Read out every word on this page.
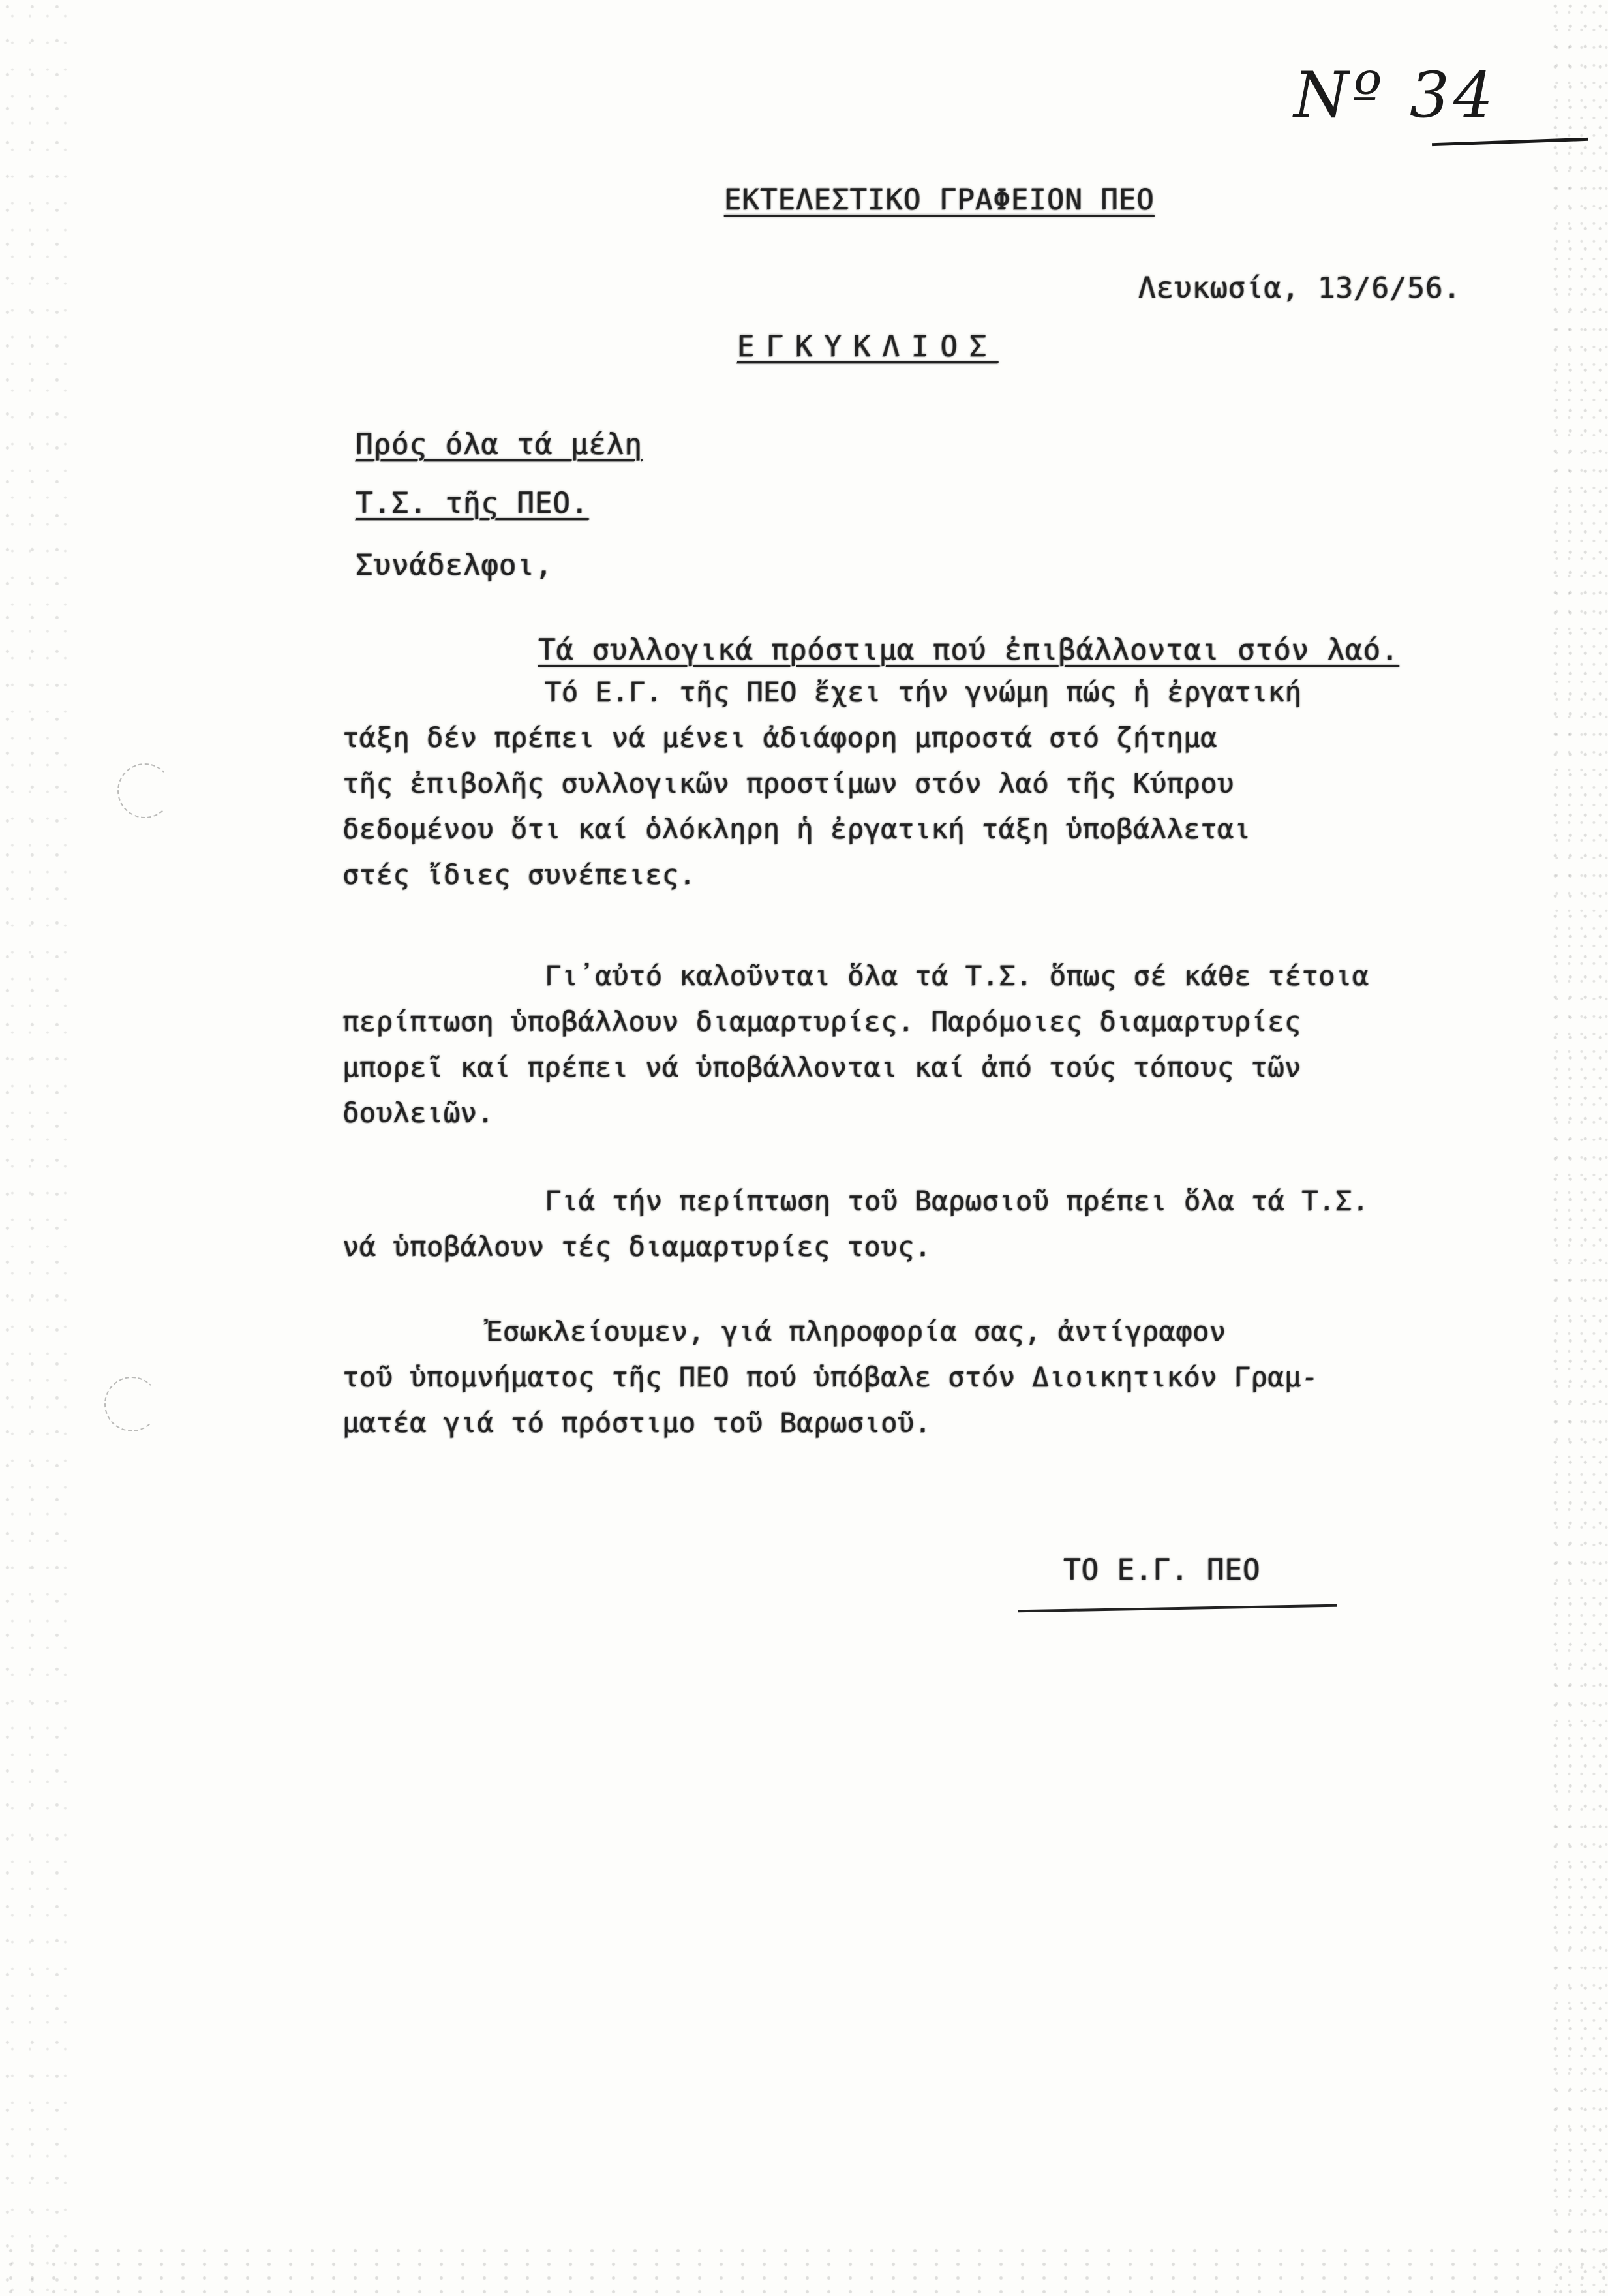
Nº 34
ΕΚΤΕΛΕΣΤΙΚΟ ΓΡΑΦΕΙΟΝ ΠΕΟ
Λευκωσία, 13/6/56.
ΕΓΚΥΚΛΙΟΣ
Πρός όλα τά μέλη
Τ.Σ. τῆς ΠΕΟ.
Συνάδελφοι,
Τά συλλογικά πρόστιμα πού ἐπιβάλλονται στόν λαό.
Τό Ε.Γ. τῆς ΠΕΟ ἔχει τήν γνώμη πώς ἡ ἐργατική
τάξη δέν πρέπει νά μένει ἀδιάφορη μπροστά στό ζήτημα
τῆς ἐπιβολῆς συλλογικῶν προστίμων στόν λαό τῆς Κύπρου
δεδομένου ὅτι καί ὁλόκληρη ἡ ἐργατική τάξη ὑποβάλλεται
στές ἴδιες συνέπειες.
Γι᾽αὐτό καλοῦνται ὅλα τά Τ.Σ. ὅπως σέ κάθε τέτοια
περίπτωση ὑποβάλλουν διαμαρτυρίες. Παρόμοιες διαμαρτυρίες
μπορεῖ καί πρέπει νά ὑποβάλλονται καί ἀπό τούς τόπους τῶν
δουλειῶν.
Γιά τήν περίπτωση τοῦ Βαρωσιοῦ πρέπει ὅλα τά Τ.Σ.
νά ὑποβάλουν τές διαμαρτυρίες τους.
Ἐσωκλείουμεν, γιά πληροφορία σας, ἀντίγραφον
τοῦ ὑπομνήματος τῆς ΠΕΟ πού ὑπόβαλε στόν Διοικητικόν Γραμ-
ματέα γιά τό πρόστιμο τοῦ Βαρωσιοῦ.
ΤΟ Ε.Γ. ΠΕΟ
